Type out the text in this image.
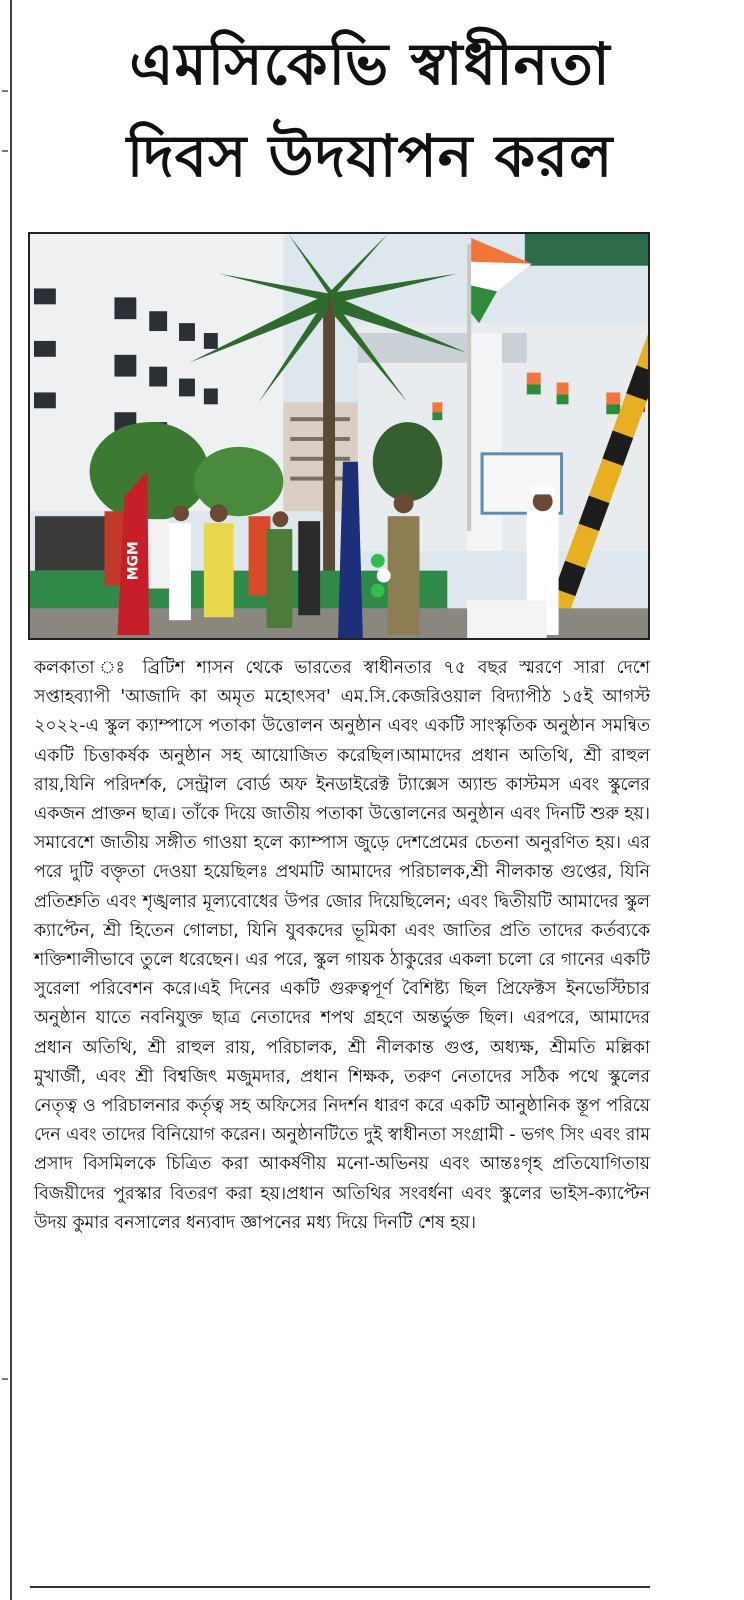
এমসিকেভি স্বাধীনতা
দিবস উদযাপন করল
MGM

কলকাতা ঃ ব্রিটিশ শাসন থেকে ভারতের স্বাধীনতার ৭৫ বছর স্মরণে সারা দেশে সপ্তাহব্যাপী 'আজাদি কা অমৃত মহোৎসব' এম.সি.কেজরিওয়াল বিদ্যাপীঠ ১৫ই আগস্ট ২০২২-এ স্কুল ক্যাম্পাসে পতাকা উত্তোলন অনুষ্ঠান এবং একটি সাংস্কৃতিক অনুষ্ঠান সমন্বিত একটি চিত্তাকর্ষক অনুষ্ঠান সহ আয়োজিত করেছিল।আমাদের প্রধান অতিথি, শ্রী রাহুল রায়,যিনি পরিদর্শক, সেন্ট্রাল বোর্ড অফ ইনডাইরেক্ট ট্যাক্সেস অ্যান্ড কাস্টমস এবং স্কুলের একজন প্রাক্তন ছাত্র। তাঁকে দিয়ে জাতীয় পতাকা উত্তোলনের অনুষ্ঠান এবং দিনটি শুরু হয়। সমাবেশে জাতীয় সঙ্গীত গাওয়া হলে ক্যাম্পাস জুড়ে দেশপ্রেমের চেতনা অনুরণিত হয়। এর পরে দুটি বক্তৃতা দেওয়া হয়েছিলঃ প্রথমটি আমাদের পরিচালক,শ্রী নীলকান্ত গুপ্তের, যিনি প্রতিশ্রুতি এবং শৃঙ্খলার মূল্যবোধের উপর জোর দিয়েছিলেন; এবং দ্বিতীয়টি আমাদের স্কুল ক্যাপ্টেন, শ্রী হিতেন গোলচা, যিনি যুবকদের ভূমিকা এবং জাতির প্রতি তাদের কর্তব্যকে শক্তিশালীভাবে তুলে ধরেছেন। এর পরে, স্কুল গায়ক ঠাকুরের একলা চলো রে গানের একটি সুরেলা পরিবেশন করে।এই দিনের একটি গুরুত্বপূর্ণ বৈশিষ্ট্য ছিল প্রিফেক্টস ইনভেস্টিচার অনুষ্ঠান যাতে নবনিযুক্ত ছাত্র নেতাদের শপথ গ্রহণে অন্তর্ভুক্ত ছিল। এরপরে, আমাদের প্রধান অতিথি, শ্রী রাহুল রায়, পরিচালক, শ্রী নীলকান্ত গুপ্ত, অধ্যক্ষ, শ্রীমতি মল্লিকা মুখার্জী, এবং শ্রী বিশ্বজিৎ মজুমদার, প্রধান শিক্ষক, তরুণ নেতাদের সঠিক পথে স্কুলের নেতৃত্ব ও পরিচালনার কর্তৃত্ব সহ অফিসের নিদর্শন ধারণ করে একটি আনুষ্ঠানিক স্তূপ পরিয়ে দেন এবং তাদের বিনিয়োগ করেন। অনুষ্ঠানটিতে দুই স্বাধীনতা সংগ্রামী - ভগৎ সিং এবং রাম প্রসাদ বিসমিলকে চিত্রিত করা আকর্ষণীয় মনো-অভিনয় এবং আন্তঃগৃহ প্রতিযোগিতায় বিজয়ীদের পুরস্কার বিতরণ করা হয়।প্রধান অতিথির সংবর্ধনা এবং স্কুলের ভাইস-ক্যাপ্টেন উদয় কুমার বনসালের ধন্যবাদ জ্ঞাপনের মধ্য দিয়ে দিনটি শেষ হয়।
